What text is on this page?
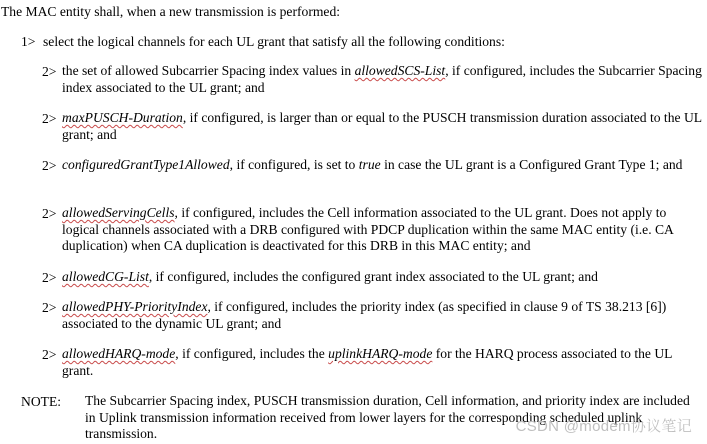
The MAC entity shall, when a new transmission is performed:
1> select the logical channels for each UL grant that satisfy all the following conditions:
2> the set of allowed Subcarrier Spacing index values in allowedSCS-List, if configured, includes the Subcarrier Spacing index associated to the UL grant; and
2> maxPUSCH-Duration, if configured, is larger than or equal to the PUSCH transmission duration associated to the UL grant; and
2> configuredGrantType1Allowed, if configured, is set to true in case the UL grant is a Configured Grant Type 1; and
2> allowedServingCells, if configured, includes the Cell information associated to the UL grant. Does not apply to logical channels associated with a DRB configured with PDCP duplication within the same MAC entity (i.e. CA duplication) when CA duplication is deactivated for this DRB in this MAC entity; and
2> allowedCG-List, if configured, includes the configured grant index associated to the UL grant; and
2> allowedPHY-PriorityIndex, if configured, includes the priority index (as specified in clause 9 of TS 38.213 [6]) associated to the dynamic UL grant; and
2> allowedHARQ-mode, if configured, includes the uplinkHARQ-mode for the HARQ process associated to the UL grant.
NOTE: The Subcarrier Spacing index, PUSCH transmission duration, Cell information, and priority index are included in Uplink transmission information received from lower layers for the corresponding scheduled uplink transmission.	CSDN @modem协议笔记
